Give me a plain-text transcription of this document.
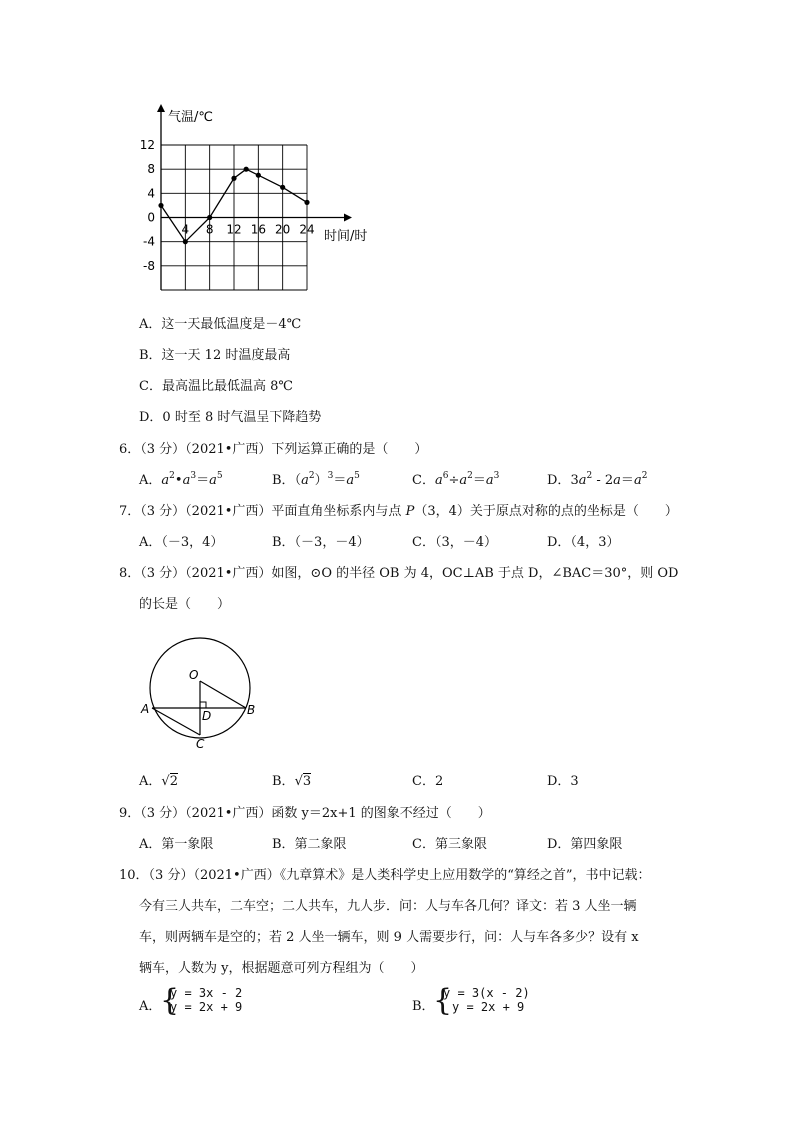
气温/℃
时间/时
12
8
4
0
-4
-8
4 8 12 16 20 24
A．这一天最低温度是－4℃
B．这一天 12 时温度最高
C．最高温比最低温高 8℃
D．0 时至 8 时气温呈下降趋势
6．（3 分）（2021•广西）下列运算正确的是（　　）
A．$a^2•a^3=a^5$	B．$(a^2)^3=a^5$	C．$a^6\div a^2=a^3$	D．$3a^2 - 2a=a^2$
7．（3 分）（2021•广西）平面直角坐标系内与点 P（3，4）关于原点对称的点的坐标是（　　）
A．（－3，4）	B．（－3，－4）	C．（3，－4）	D．（4，3）
8．（3 分）（2021•广西）如图，⊙O 的半径 OB 为 4，OC⊥AB 于点 D，∠BAC＝30°，则 OD
的长是（　　）
O
A	B
D
C
A．√2	B．√3	C．2	D．3
9．（3 分）（2021•广西）函数 y＝2x+1 的图象不经过（　　）
A．第一象限	B．第二象限	C．第三象限	D．第四象限
10．（3 分）（2021•广西）《九章算术》是人类科学史上应用数学的“算经之首”，书中记载：
今有三人共车，二车空；二人共车，九人步．问：人与车各几何？译文：若 3 人坐一辆
车，则两辆车是空的；若 2 人坐一辆车，则 9 人需要步行，问：人与车各多少？设有 x
辆车，人数为 y，根据题意可列方程组为（　　）
A．
{
y = 3x - 2
y = 2x + 9	B．
{
y = 3(x - 2)
y = 2x + 9
